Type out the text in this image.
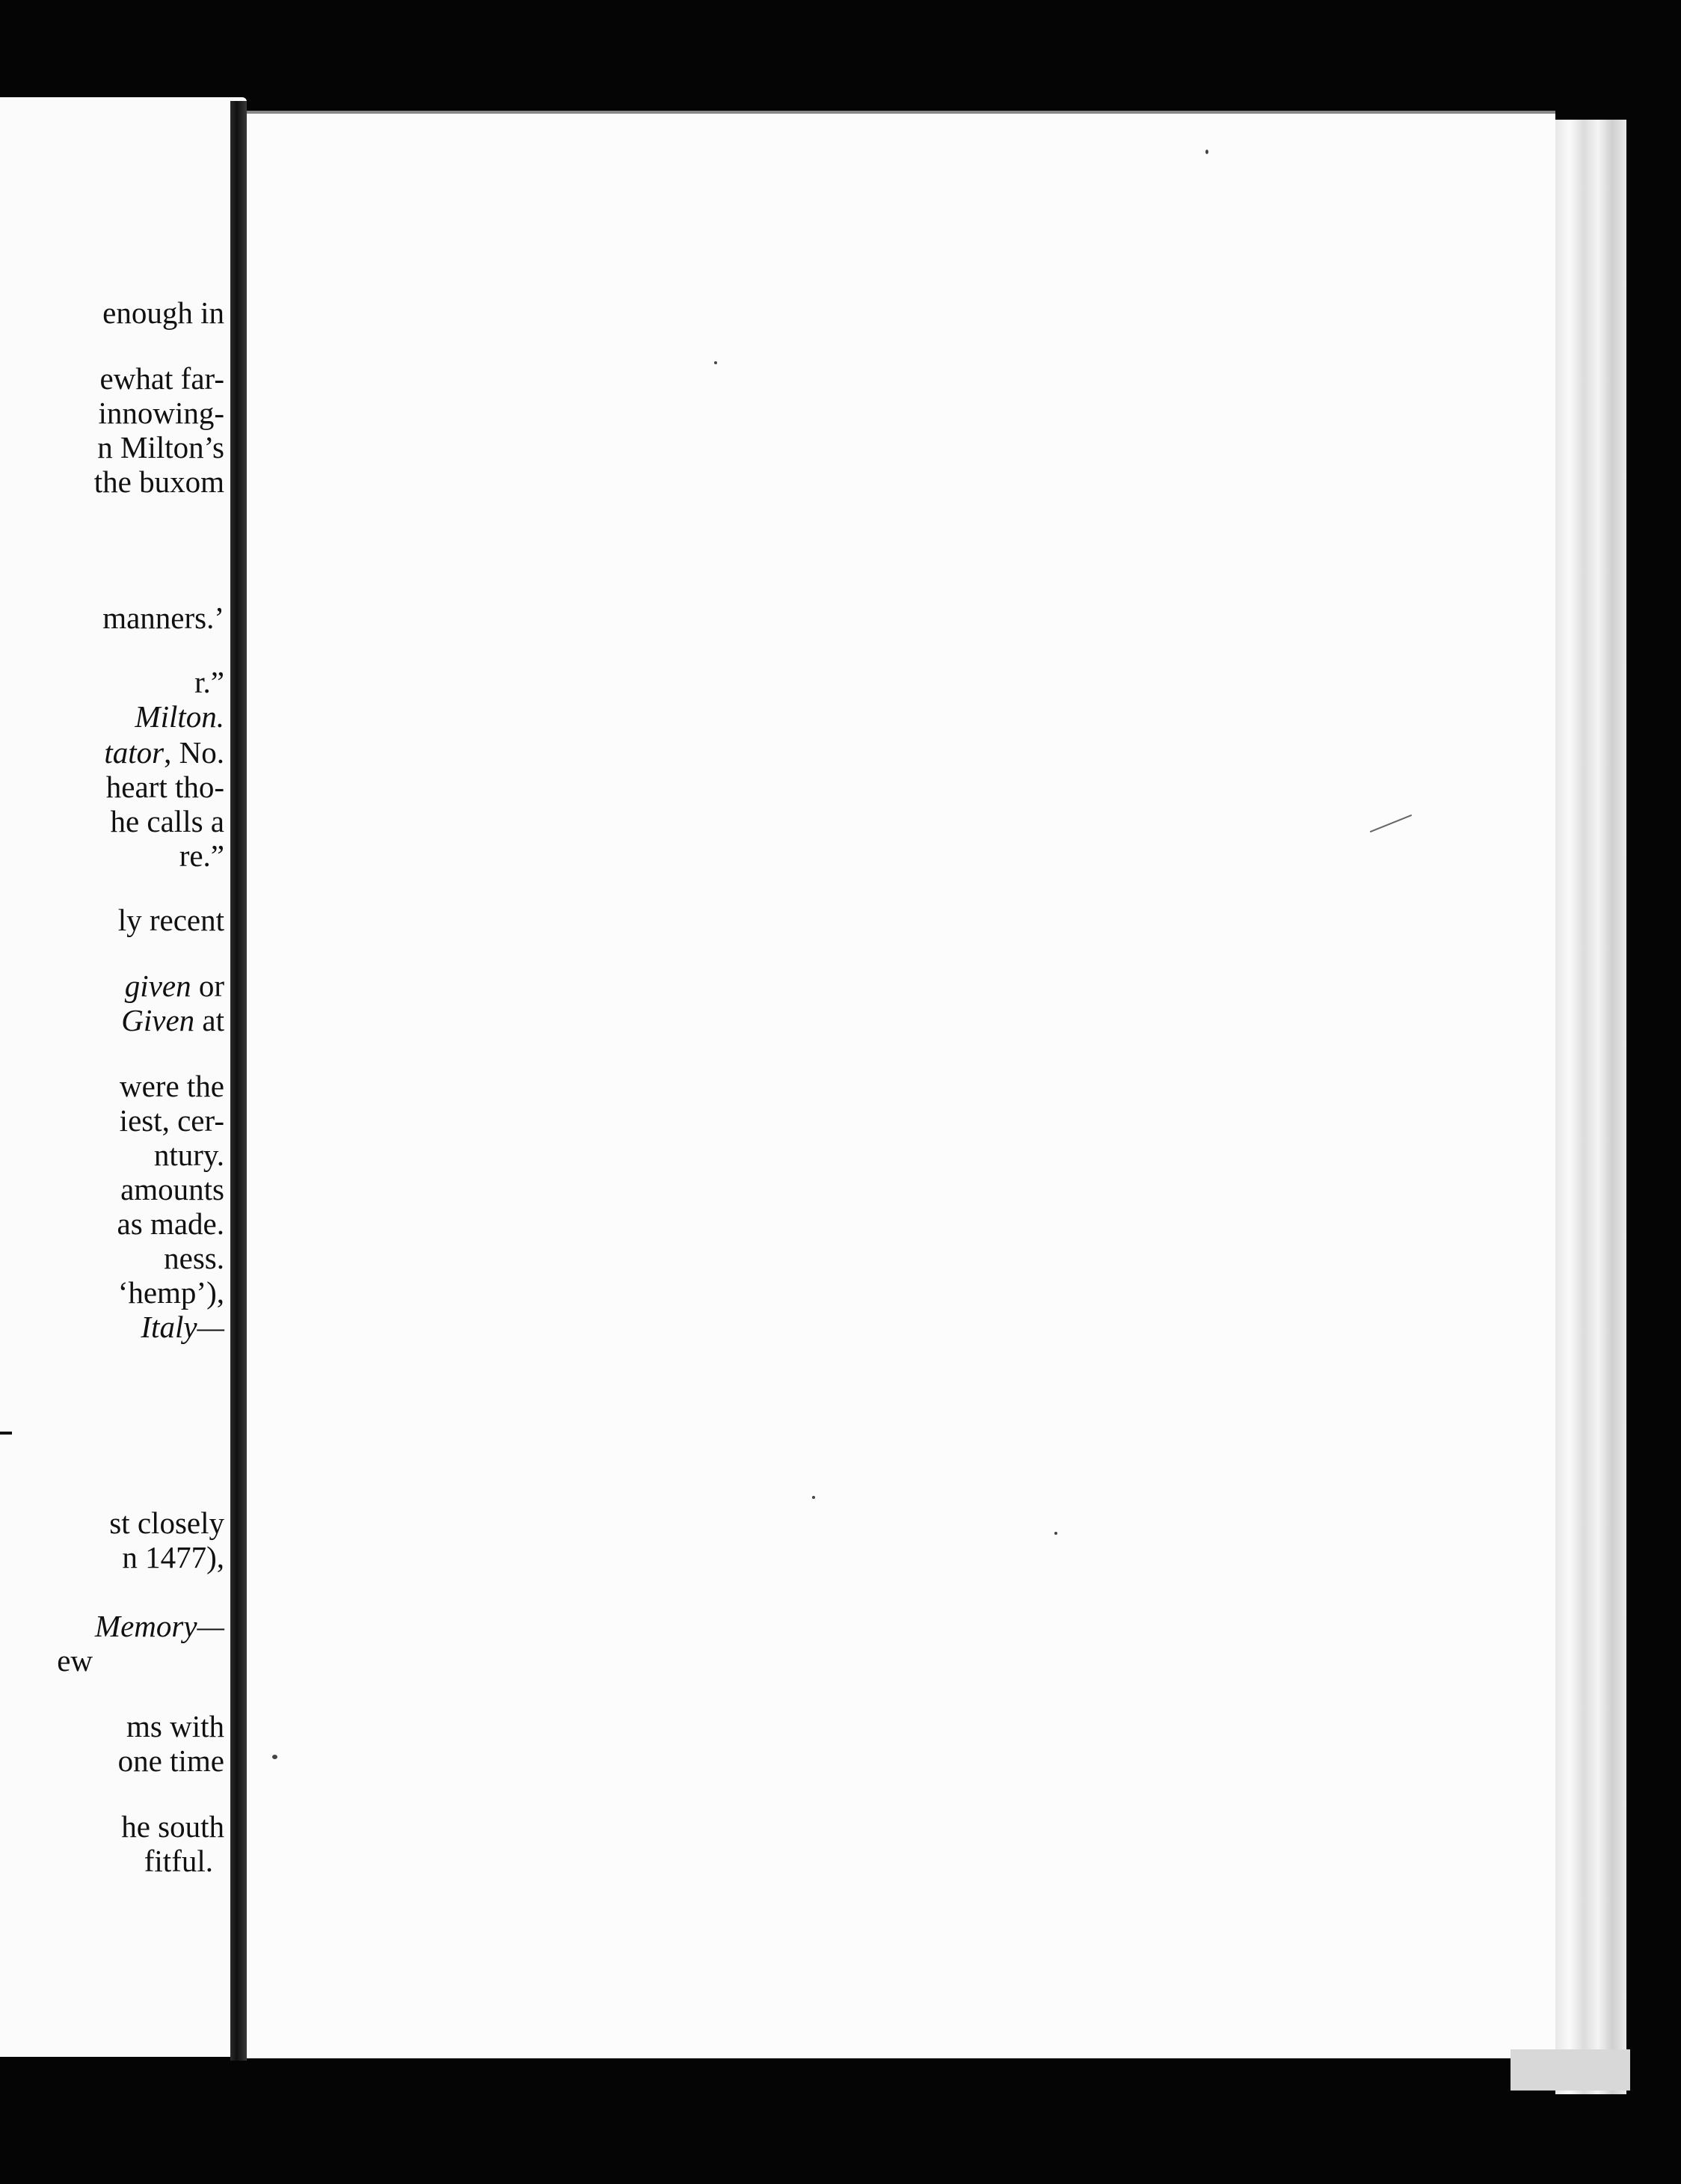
enough in
ewhat far-
innowing-
n Milton’s
the buxom
manners.’
r.”
Milton.
tator, No.
heart tho-
he calls a
re.”
ly recent
given or
Given at
were the
iest, cer-
ntury.
amounts
as made.
ness.
‘hemp’),
Italy—
st closely
n 1477),
Memory—
ew
ms with
one time
he south
fitful.
